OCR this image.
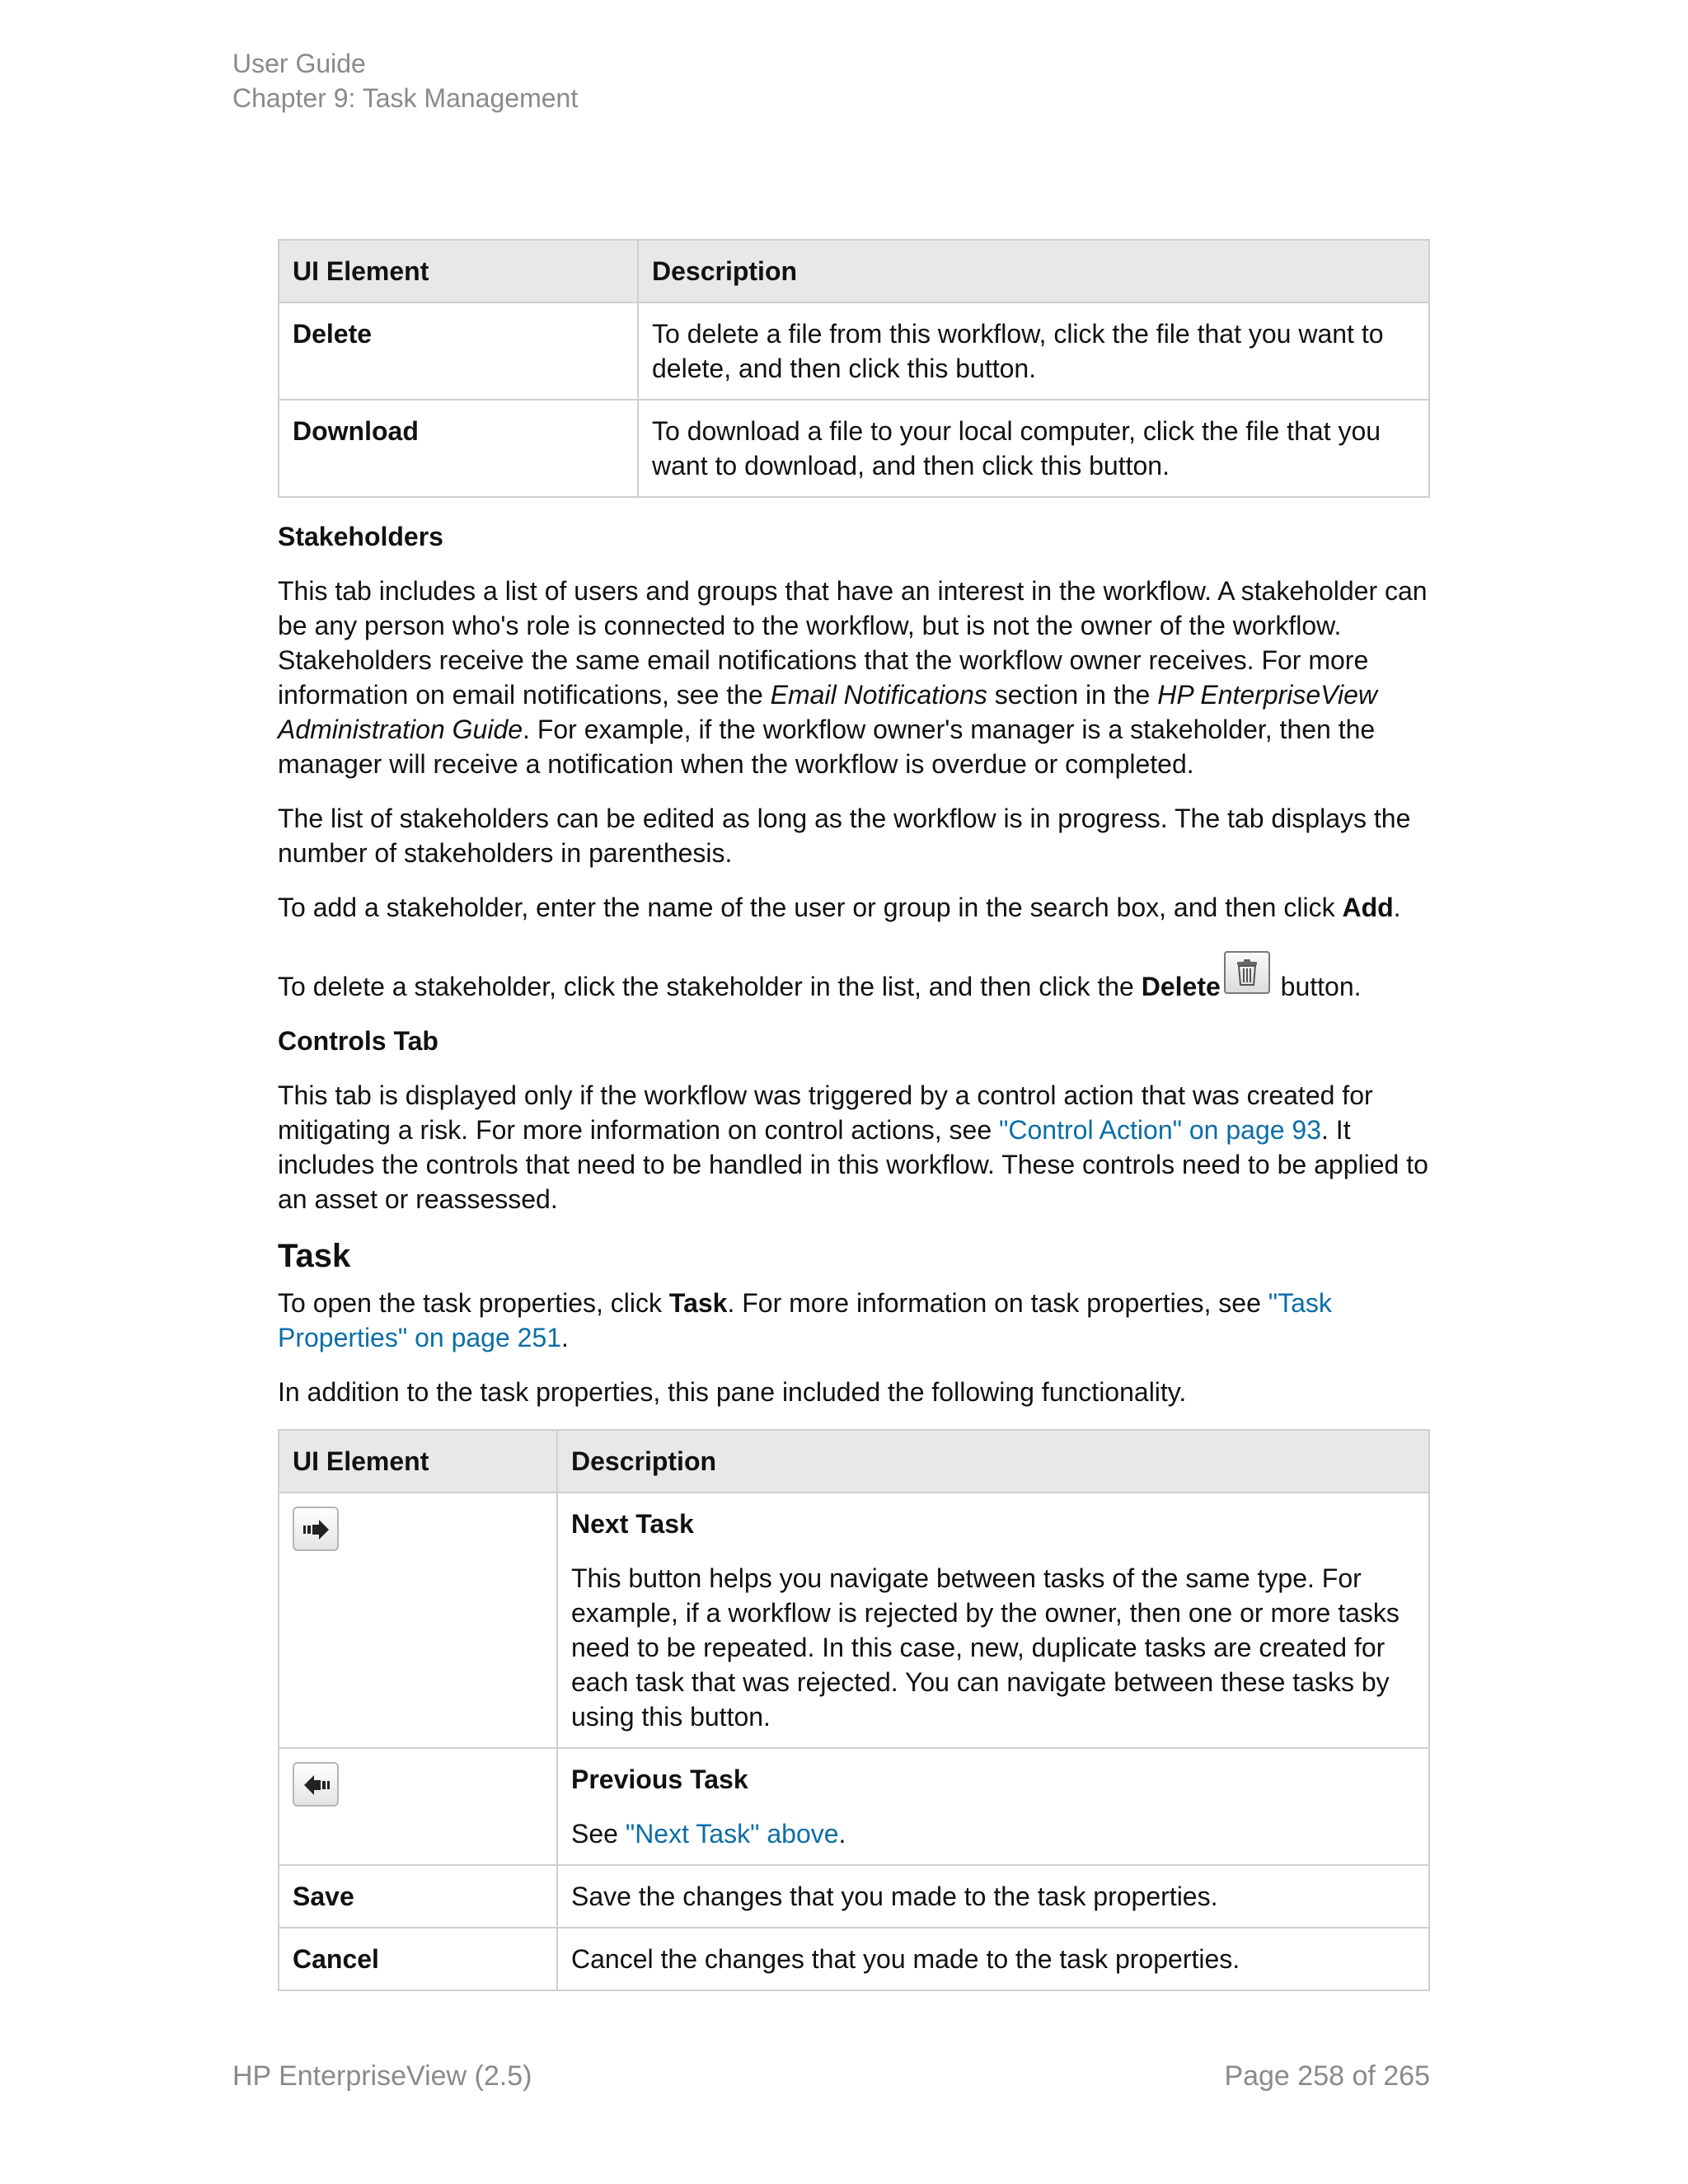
User Guide
Chapter 9: Task Management
UI Element	Description
Delete	To delete a file from this workflow, click the file that you want to delete, and then click this button.
Download	To download a file to your local computer, click the file that you want to download, and then click this button.
Stakeholders

This tab includes a list of users and groups that have an interest in the workflow. A stakeholder can be any person who's role is connected to the workflow, but is not the owner of the workflow. Stakeholders receive the same email notifications that the workflow owner receives. For more information on email notifications, see the Email Notifications section in the HP EnterpriseView Administration Guide. For example, if the workflow owner's manager is a stakeholder, then the manager will receive a notification when the workflow is overdue or completed.

The list of stakeholders can be edited as long as the workflow is in progress. The tab displays the number of stakeholders in parenthesis.

To add a stakeholder, enter the name of the user or group in the search box, and then click Add.

To delete a stakeholder, click the stakeholder in the list, and then click the Delete
button.

Controls Tab

This tab is displayed only if the workflow was triggered by a control action that was created for mitigating a risk. For more information on control actions, see "Control Action" on page 93. It includes the controls that need to be handled in this workflow. These controls need to be applied to an asset or reassessed.

Task

To open the task properties, click Task. For more information on task properties, see "Task Properties" on page 251.

In addition to the task properties, this pane included the following functionality.

UI Element	Description

Next Task
This button helps you navigate between tasks of the same type. For example, if a workflow is rejected by the owner, then one or more tasks need to be repeated. In this case, new, duplicate tasks are created for each task that was rejected. You can navigate between these tasks by using this button.

Previous Task
See "Next Task" above.

Save	Save the changes that you made to the task properties.
Cancel	Cancel the changes that you made to the task properties.
HP EnterpriseView (2.5)	Page 258 of 265
